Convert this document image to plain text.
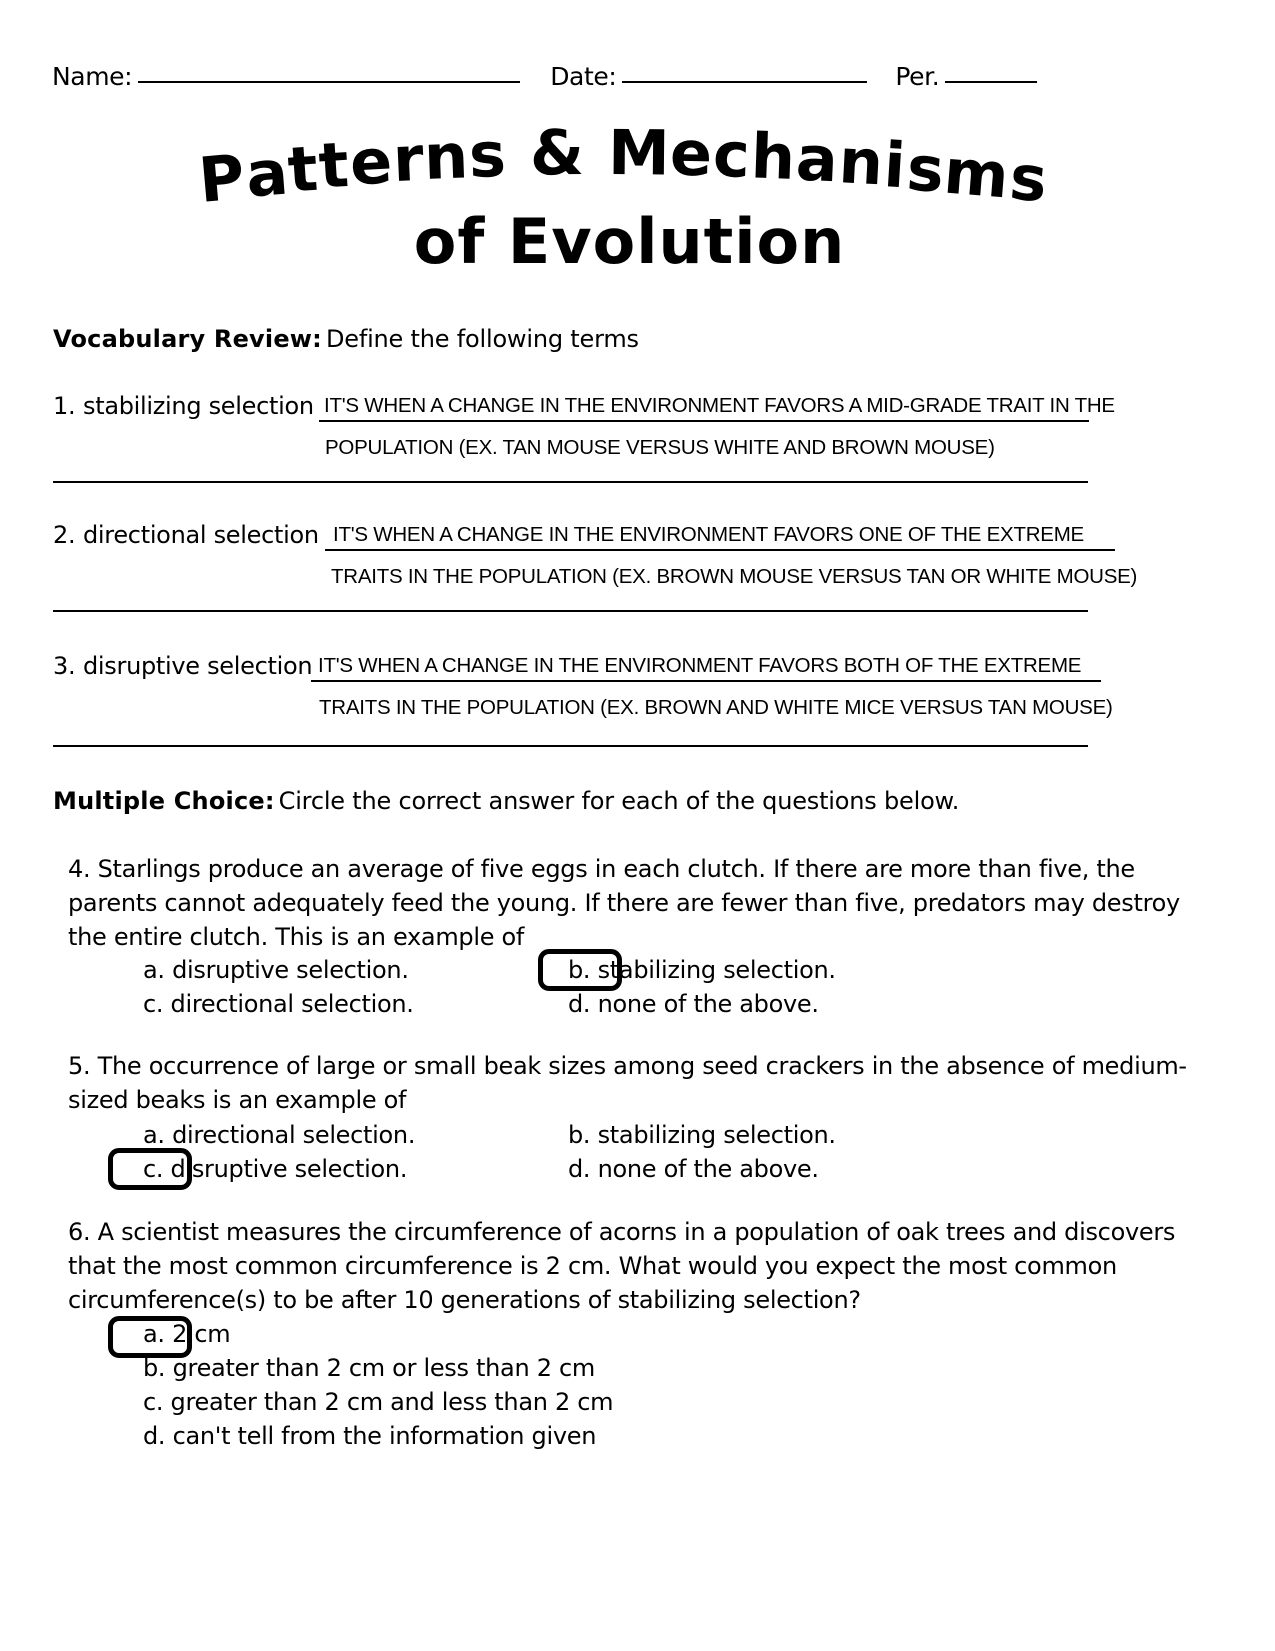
Name:	Date:	Per.
Patterns & Mechanisms
of Evolution
Vocabulary Review: Define the following terms
1. stabilizing selection IT'S WHEN A CHANGE IN THE ENVIRONMENT FAVORS A MID-GRADE TRAIT IN THE
POPULATION (EX. TAN MOUSE VERSUS WHITE AND BROWN MOUSE)
2. directional selection IT'S WHEN A CHANGE IN THE ENVIRONMENT FAVORS ONE OF THE EXTREME
TRAITS IN THE POPULATION (EX. BROWN MOUSE VERSUS TAN OR WHITE MOUSE)
3. disruptive selection IT'S WHEN A CHANGE IN THE ENVIRONMENT FAVORS BOTH OF THE EXTREME
TRAITS IN THE POPULATION (EX. BROWN AND WHITE MICE VERSUS TAN MOUSE)
Multiple Choice: Circle the correct answer for each of the questions below.
4. Starlings produce an average of five eggs in each clutch. If there are more than five, the
parents cannot adequately feed the young. If there are fewer than five, predators may destroy
the entire clutch. This is an example of
a. disruptive selection.	b. stabilizing selection.
c. directional selection.	d. none of the above.
5. The occurrence of large or small beak sizes among seed crackers in the absence of medium-
sized beaks is an example of
a. directional selection.	b. stabilizing selection.
c. disruptive selection.	d. none of the above.
6. A scientist measures the circumference of acorns in a population of oak trees and discovers
that the most common circumference is 2 cm. What would you expect the most common
circumference(s) to be after 10 generations of stabilizing selection?
a. 2 cm
b. greater than 2 cm or less than 2 cm
c. greater than 2 cm and less than 2 cm
d. can't tell from the information given
